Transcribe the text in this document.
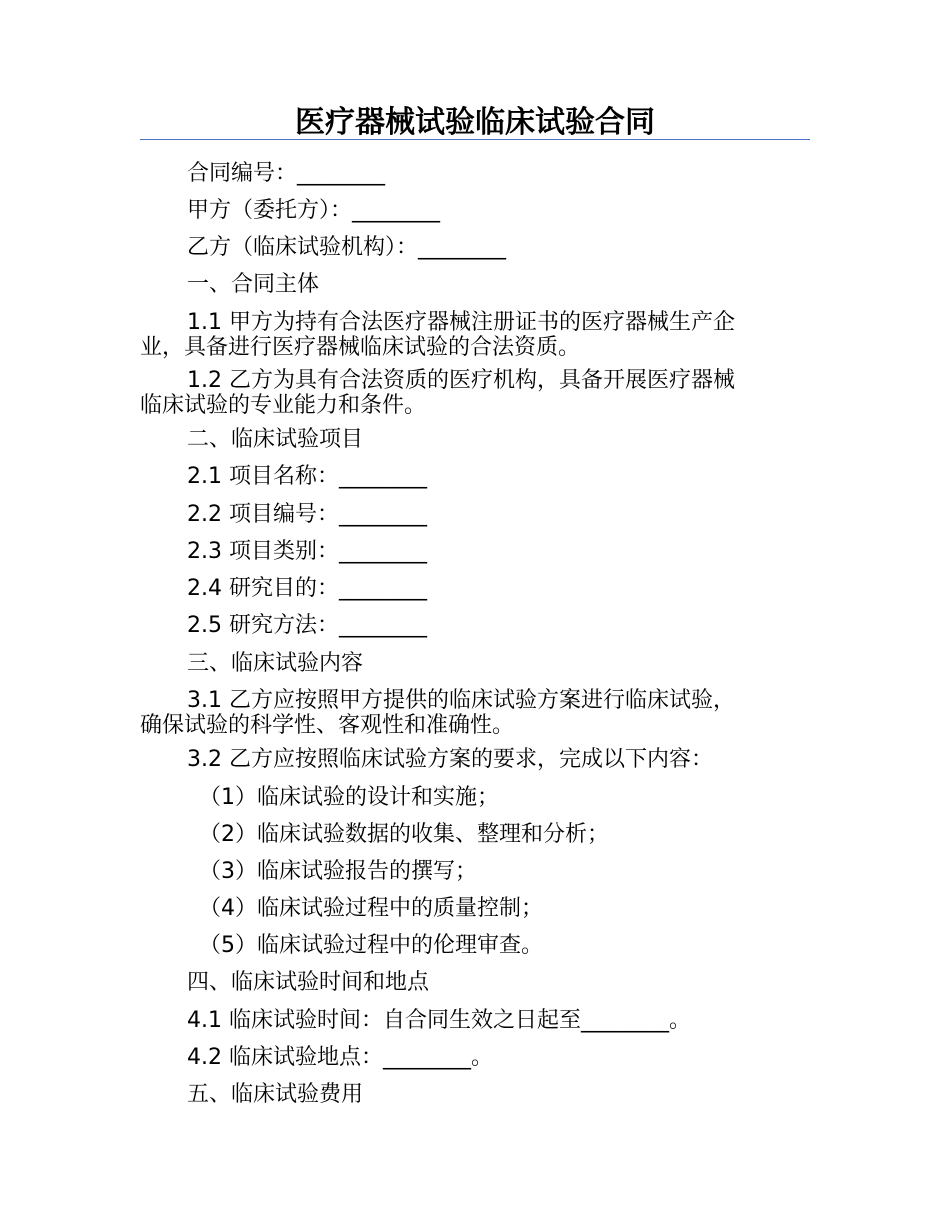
医疗器械试验临床试验合同
合同编号：________
甲方（委托方）：________
乙方（临床试验机构）：________
一、合同主体
1.1 甲方为持有合法医疗器械注册证书的医疗器械生产企
业，具备进行医疗器械临床试验的合法资质。
1.2 乙方为具有合法资质的医疗机构，具备开展医疗器械
临床试验的专业能力和条件。
二、临床试验项目
2.1 项目名称：________
2.2 项目编号：________
2.3 项目类别：________
2.4 研究目的：________
2.5 研究方法：________
三、临床试验内容
3.1 乙方应按照甲方提供的临床试验方案进行临床试验，
确保试验的科学性、客观性和准确性。
3.2 乙方应按照临床试验方案的要求，完成以下内容：
（1）临床试验的设计和实施；
（2）临床试验数据的收集、整理和分析；
（3）临床试验报告的撰写；
（4）临床试验过程中的质量控制；
（5）临床试验过程中的伦理审查。
四、临床试验时间和地点
4.1 临床试验时间：自合同生效之日起至________。
4.2 临床试验地点：________。
五、临床试验费用
